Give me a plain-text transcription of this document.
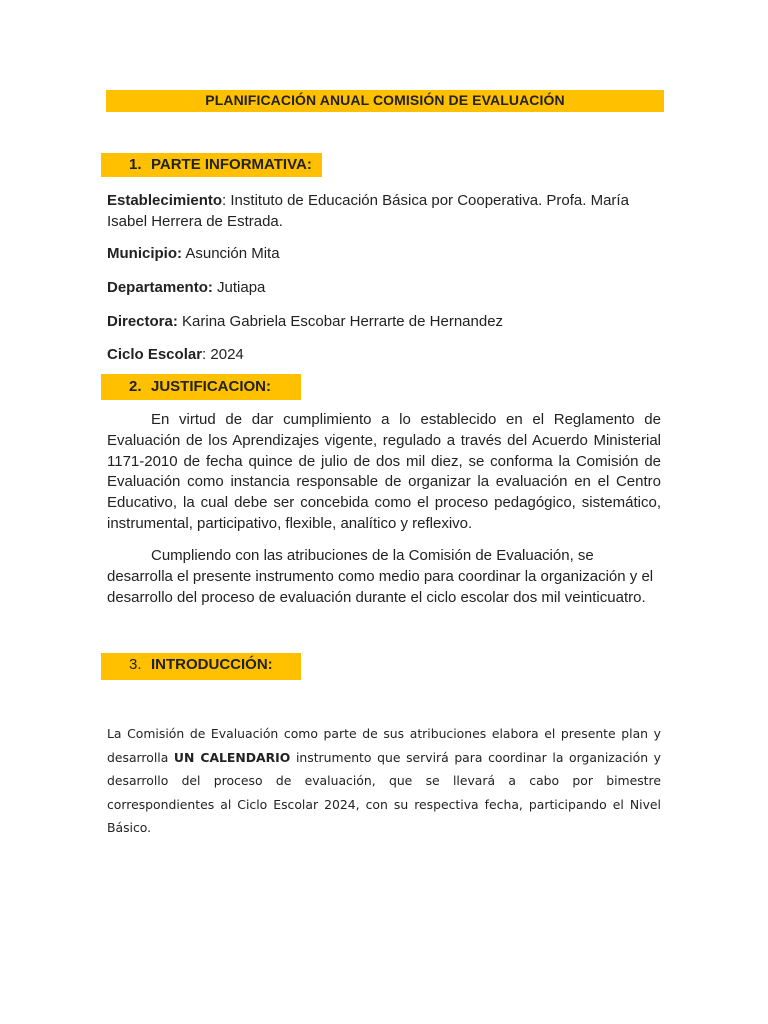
PLANIFICACIÓN ANUAL COMISIÓN DE EVALUACIÓN
1. PARTE INFORMATIVA:
Establecimiento: Instituto de Educación Básica por Cooperativa. Profa. María Isabel Herrera de Estrada.
Municipio: Asunción Mita
Departamento: Jutiapa
Directora: Karina Gabriela Escobar Herrarte de Hernandez
Ciclo Escolar: 2024
2. JUSTIFICACION:

En virtud de dar cumplimiento a lo establecido en el Reglamento de Evaluación de los Aprendizajes vigente, regulado a través del Acuerdo Ministerial 1171-2010 de fecha quince de julio de dos mil diez, se conforma la Comisión de Evaluación como instancia responsable de organizar la evaluación en el Centro Educativo, la cual debe ser concebida como el proceso pedagógico, sistemático, instrumental, participativo, flexible, analítico y reflexivo.

Cumpliendo con las atribuciones de la Comisión de Evaluación, se desarrolla el presente instrumento como medio para coordinar la organización y el desarrollo del proceso de evaluación durante el ciclo escolar dos mil veinticuatro.

3. INTRODUCCIÓN:

La Comisión de Evaluación como parte de sus atribuciones elabora el presente plan y desarrolla UN CALENDARIO instrumento que servirá para coordinar la organización y desarrollo del proceso de evaluación, que se llevará a cabo por bimestre correspondientes al Ciclo Escolar 2024, con su respectiva fecha, participando el Nivel Básico.
